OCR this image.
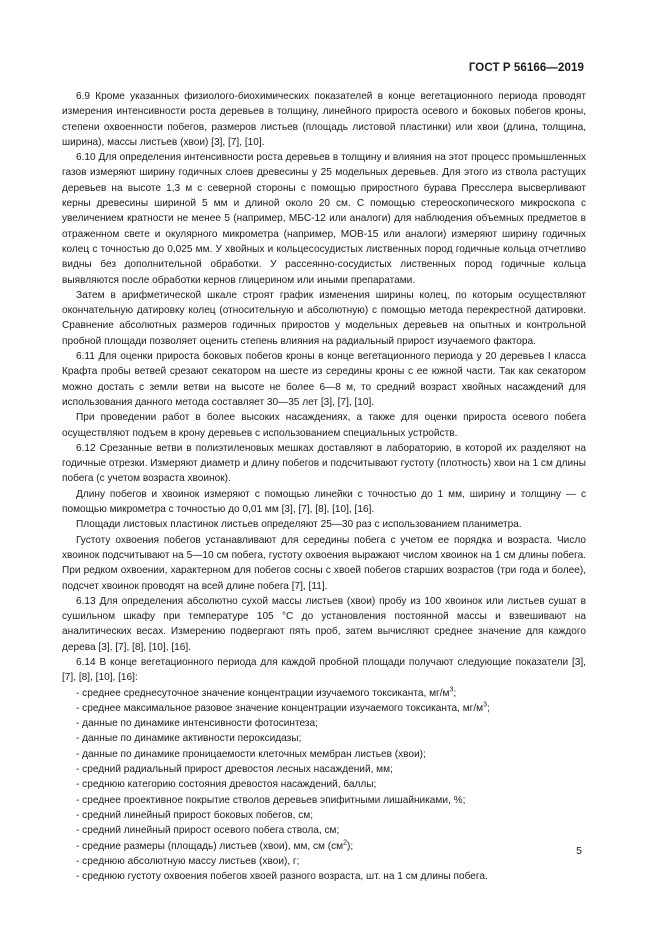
ГОСТ Р 56166—2019

6.9 Кроме указанных физиолого-биохимических показателей в конце вегетационного периода проводят измерения интенсивности роста деревьев в толщину, линейного прироста осевого и боковых побегов кроны, степени охвоенности побегов, размеров листьев (площадь листовой пластинки) или хвои (длина, толщина, ширина), массы листьев (хвои) [3], [7], [10].

6.10 Для определения интенсивности роста деревьев в толщину и влияния на этот процесс промышленных газов измеряют ширину годичных слоев древесины у 25 модельных деревьев. Для этого из ствола растущих деревьев на высоте 1,3 м с северной стороны с помощью приростного бурава Пресслера высверливают керны древесины шириной 5 мм и длиной около 20 см. С помощью стереоскопического микроскопа с увеличением кратности не менее 5 (например, МБС-12 или аналоги) для наблюдения объемных предметов в отраженном свете и окулярного микрометра (например, МОВ-15 или аналоги) измеряют ширину годичных колец с точностью до 0,025 мм. У хвойных и кольцесосудистых лиственных пород годичные кольца отчетливо видны без дополнительной обработки. У рассеянно-сосудистых лиственных пород годичные кольца выявляются после обработки кернов глицерином или иными препаратами.

Затем в арифметической шкале строят график изменения ширины колец, по которым осуществляют окончательную датировку колец (относительную и абсолютную) с помощью метода перекрестной датировки. Сравнение абсолютных размеров годичных приростов у модельных деревьев на опытных и контрольной пробной площади позволяет оценить степень влияния на радиальный прирост изучаемого фактора.

6.11 Для оценки прироста боковых побегов кроны в конце вегетационного периода у 20 деревьев I класса Крафта пробы ветвей срезают секатором на шесте из середины кроны с ее южной части. Так как секатором можно достать с земли ветви на высоте не более 6—8 м, то средний возраст хвойных насаждений для использования данного метода составляет 30—35 лет [3], [7], [10].

При проведении работ в более высоких насаждениях, а также для оценки прироста осевого побега осуществляют подъем в крону деревьев с использованием специальных устройств.

6.12 Срезанные ветви в полиэтиленовых мешках доставляют в лабораторию, в которой их разделяют на годичные отрезки. Измеряют диаметр и длину побегов и подсчитывают густоту (плотность) хвои на 1 см длины побега (с учетом возраста хвоинок).

Длину побегов и хвоинок измеряют с помощью линейки с точностью до 1 мм, ширину и толщину — с помощью микрометра с точностью до 0,01 мм [3], [7], [8], [10], [16].

Площади листовых пластинок листьев определяют 25—30 раз с использованием планиметра.

Густоту охвоения побегов устанавливают для середины побега с учетом ее порядка и возраста. Число хвоинок подсчитывают на 5—10 см побега, густоту охвоения выражают числом хвоинок на 1 см длины побега. При редком охвоении, характерном для побегов сосны с хвоей побегов старших возрастов (три года и более), подсчет хвоинок проводят на всей длине побега [7], [11].

6.13 Для определения абсолютно сухой массы листьев (хвои) пробу из 100 хвоинок или листьев сушат в сушильном шкафу при температуре 105 °С до установления постоянной массы и взвешивают на аналитических весах. Измерению подвергают пять проб, затем вычисляют среднее значение для каждого дерева [3], [7], [8], [10], [16].

6.14 В конце вегетационного периода для каждой пробной площади получают следующие показатели [3], [7], [8], [10], [16]:

- среднее среднесуточное значение концентрации изучаемого токсиканта, $мг/м^3$;
- среднее максимальное разовое значение концентрации изучаемого токсиканта, $мг/м^3$;
- данные по динамике интенсивности фотосинтеза;
- данные по динамике активности пероксидазы;
- данные по динамике проницаемости клеточных мембран листьев (хвои);
- средний радиальный прирост древостоя лесных насаждений, мм;
- среднюю категорию состояния древостоя насаждений, баллы;
- среднее проективное покрытие стволов деревьев эпифитными лишайниками, %;
- средний линейный прирост боковых побегов, см;
- средний линейный прирост осевого побега ствола, см;
- средние размеры (площадь) листьев (хвои), мм, см $(см^2)$;
- среднюю абсолютную массу листьев (хвои), г;
- среднюю густоту охвоения побегов хвоей разного возраста, шт. на 1 см длины побега.
5
